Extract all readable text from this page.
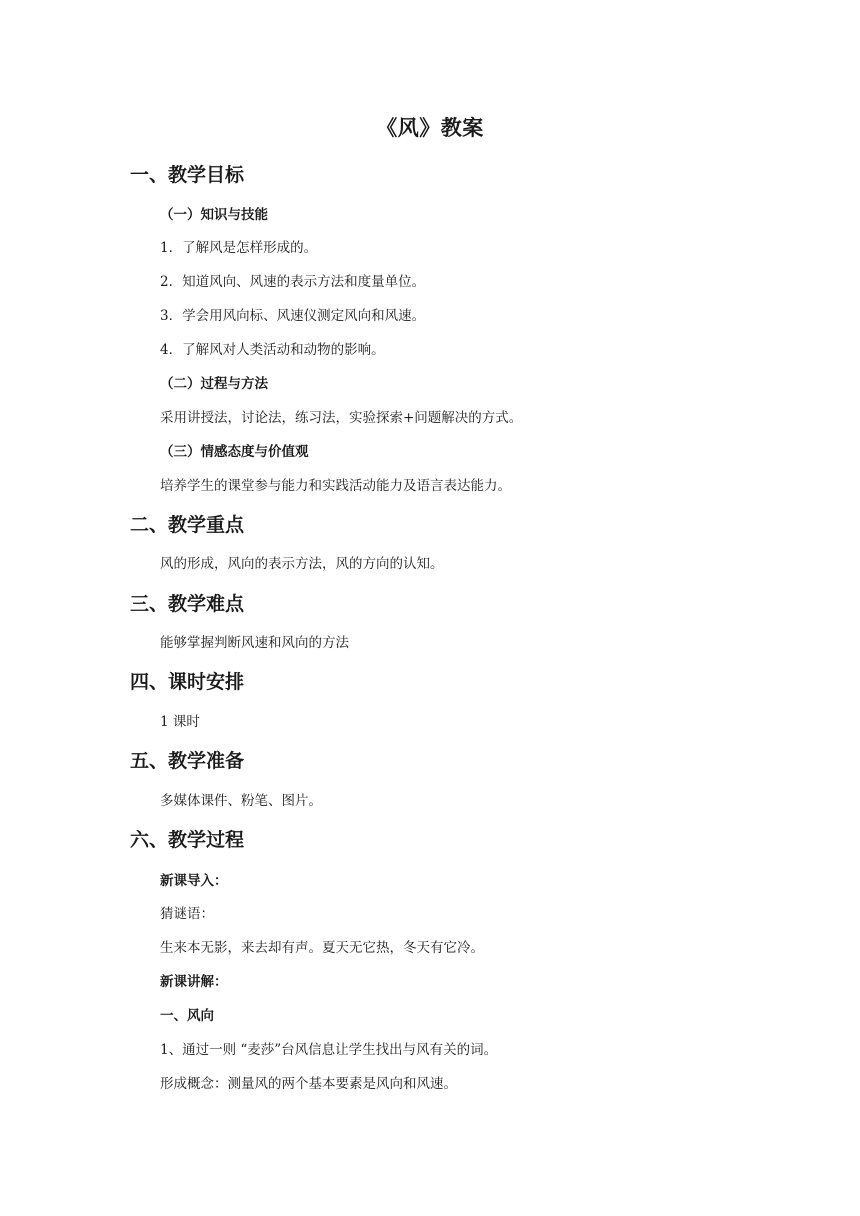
《风》教案
一、教学目标
（一）知识与技能
1．了解风是怎样形成的。
2．知道风向、风速的表示方法和度量单位。
3．学会用风向标、风速仪测定风向和风速。
4．了解风对人类活动和动物的影响。
（二）过程与方法
采用讲授法，讨论法，练习法，实验探索+问题解决的方式。
（三）情感态度与价值观
培养学生的课堂参与能力和实践活动能力及语言表达能力。
二、教学重点
风的形成，风向的表示方法，风的方向的认知。
三、教学难点
能够掌握判断风速和风向的方法
四、课时安排
1 课时
五、教学准备
多媒体课件、粉笔、图片。
六、教学过程
新课导入：
猜谜语：
生来本无影，来去却有声。夏天无它热，冬天有它冷。
新课讲解：
一、风向
1、通过一则 “麦莎”台风信息让学生找出与风有关的词。
形成概念：测量风的两个基本要素是风向和风速。
